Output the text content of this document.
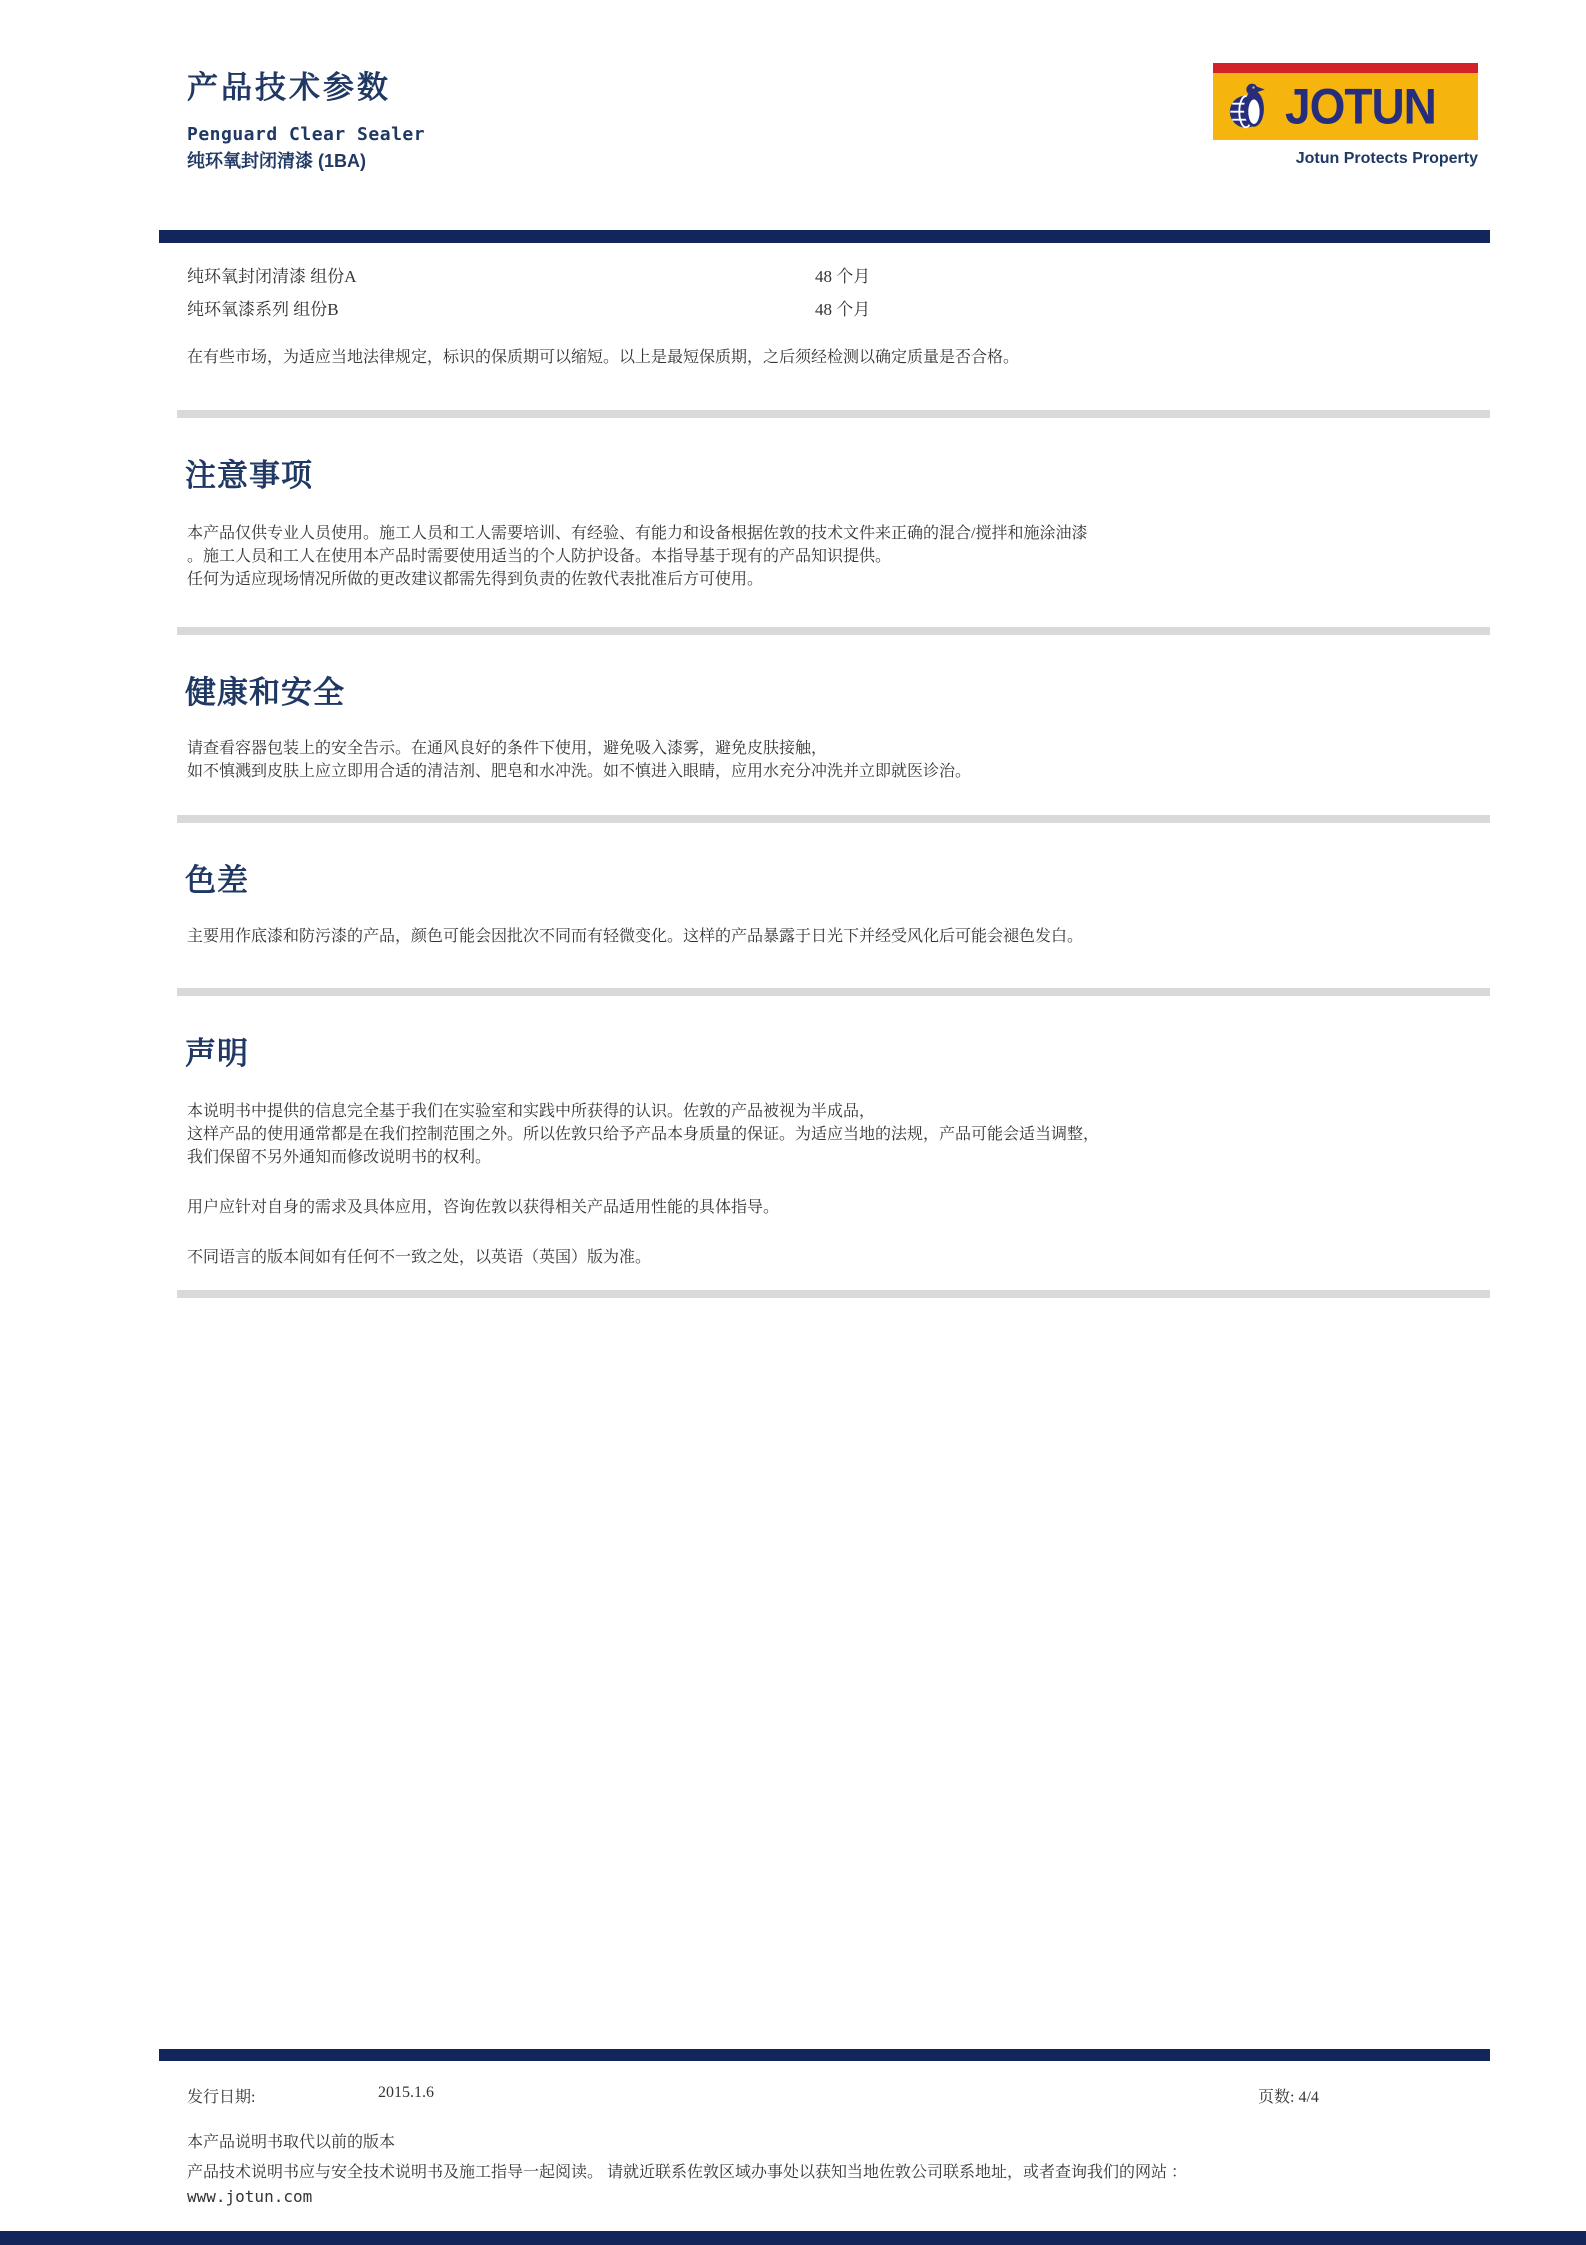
产品技术参数
Penguard Clear Sealer
纯环氧封闭清漆 (1BA)
JOTUN
Jotun Protects Property
纯环氧封闭清漆 组份A	48 个月
纯环氧漆系列 组份B	48 个月
在有些市场，为适应当地法律规定，标识的保质期可以缩短。以上是最短保质期，之后须经检测以确定质量是否合格。
注意事项
本产品仅供专业人员使用。施工人员和工人需要培训、有经验、有能力和设备根据佐敦的技术文件来正确的混合/搅拌和施涂油漆
。施工人员和工人在使用本产品时需要使用适当的个人防护设备。本指导基于现有的产品知识提供。
任何为适应现场情况所做的更改建议都需先得到负责的佐敦代表批准后方可使用。
健康和安全
请查看容器包装上的安全告示。在通风良好的条件下使用，避免吸入漆雾，避免皮肤接触，
如不慎溅到皮肤上应立即用合适的清洁剂、肥皂和水冲洗。如不慎进入眼睛，应用水充分冲洗并立即就医诊治。
色差
主要用作底漆和防污漆的产品，颜色可能会因批次不同而有轻微变化。这样的产品暴露于日光下并经受风化后可能会褪色发白。
声明
本说明书中提供的信息完全基于我们在实验室和实践中所获得的认识。佐敦的产品被视为半成品，
这样产品的使用通常都是在我们控制范围之外。所以佐敦只给予产品本身质量的保证。为适应当地的法规，产品可能会适当调整，
我们保留不另外通知而修改说明书的权利。
用户应针对自身的需求及具体应用，咨询佐敦以获得相关产品适用性能的具体指导。
不同语言的版本间如有任何不一致之处，以英语（英国）版为准。
发行日期:	2015.1.6	页数: 4/4
本产品说明书取代以前的版本
产品技术说明书应与安全技术说明书及施工指导一起阅读。 请就近联系佐敦区域办事处以获知当地佐敦公司联系地址，或者查询我们的网站 ：
www.jotun.com
